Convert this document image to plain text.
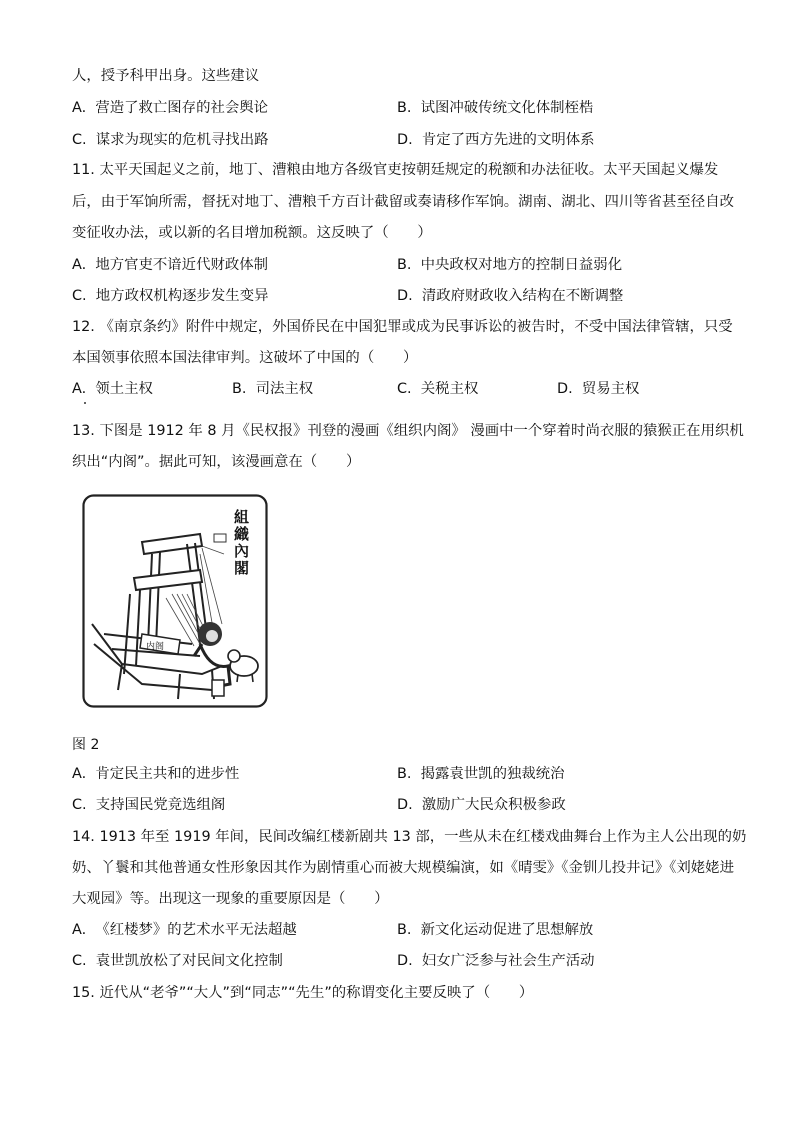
人，授予科甲出身。这些建议
A. 营造了救亡图存的社会舆论	B. 试图冲破传统文化体制桎梏
C. 谋求为现实的危机寻找出路	D. 肯定了西方先进的文明体系
11. 太平天国起义之前，地丁、漕粮由地方各级官吏按朝廷规定的税额和办法征收。太平天国起义爆发
后，由于军饷所需，督抚对地丁、漕粮千方百计截留或奏请移作军饷。湖南、湖北、四川等省甚至径自改
变征收办法，或以新的名目增加税额。这反映了（　　）
A. 地方官吏不谙近代财政体制	B. 中央政权对地方的控制日益弱化
C. 地方政权机构逐步发生变异	D. 清政府财政收入结构在不断调整
12. 《南京条约》附件中规定，外国侨民在中国犯罪或成为民事诉讼的被告时，不受中国法律管辖，只受
本国领事依照本国法律审判。这破坏了中国的（　　）
A. 领土主权	B. 司法主权	C. 关税主权	D. 贸易主权
13. 下图是 1912 年 8 月《民权报》刊登的漫画《组织内阁》 漫画中一个穿着时尚衣服的猿猴正在用织机
织出“内阁”。据此可知，该漫画意在（　　）
内阁
組
織
內
閣
图 2
A. 肯定民主共和的进步性	B. 揭露袁世凯的独裁统治
C. 支持国民党竞选组阁	D. 激励广大民众积极参政
14. 1913 年至 1919 年间，民间改编红楼新剧共 13 部，一些从未在红楼戏曲舞台上作为主人公出现的奶
奶、丫鬟和其他普通女性形象因其作为剧情重心而被大规模编演，如《晴雯》《金钏儿投井记》《刘姥姥进
大观园》等。出现这一现象的重要原因是（　　）
A. 《红楼梦》的艺术水平无法超越	B. 新文化运动促进了思想解放
C. 袁世凯放松了对民间文化控制	D. 妇女广泛参与社会生产活动
15. 近代从“老爷”“大人”到“同志”“先生”的称谓变化主要反映了（　　）
